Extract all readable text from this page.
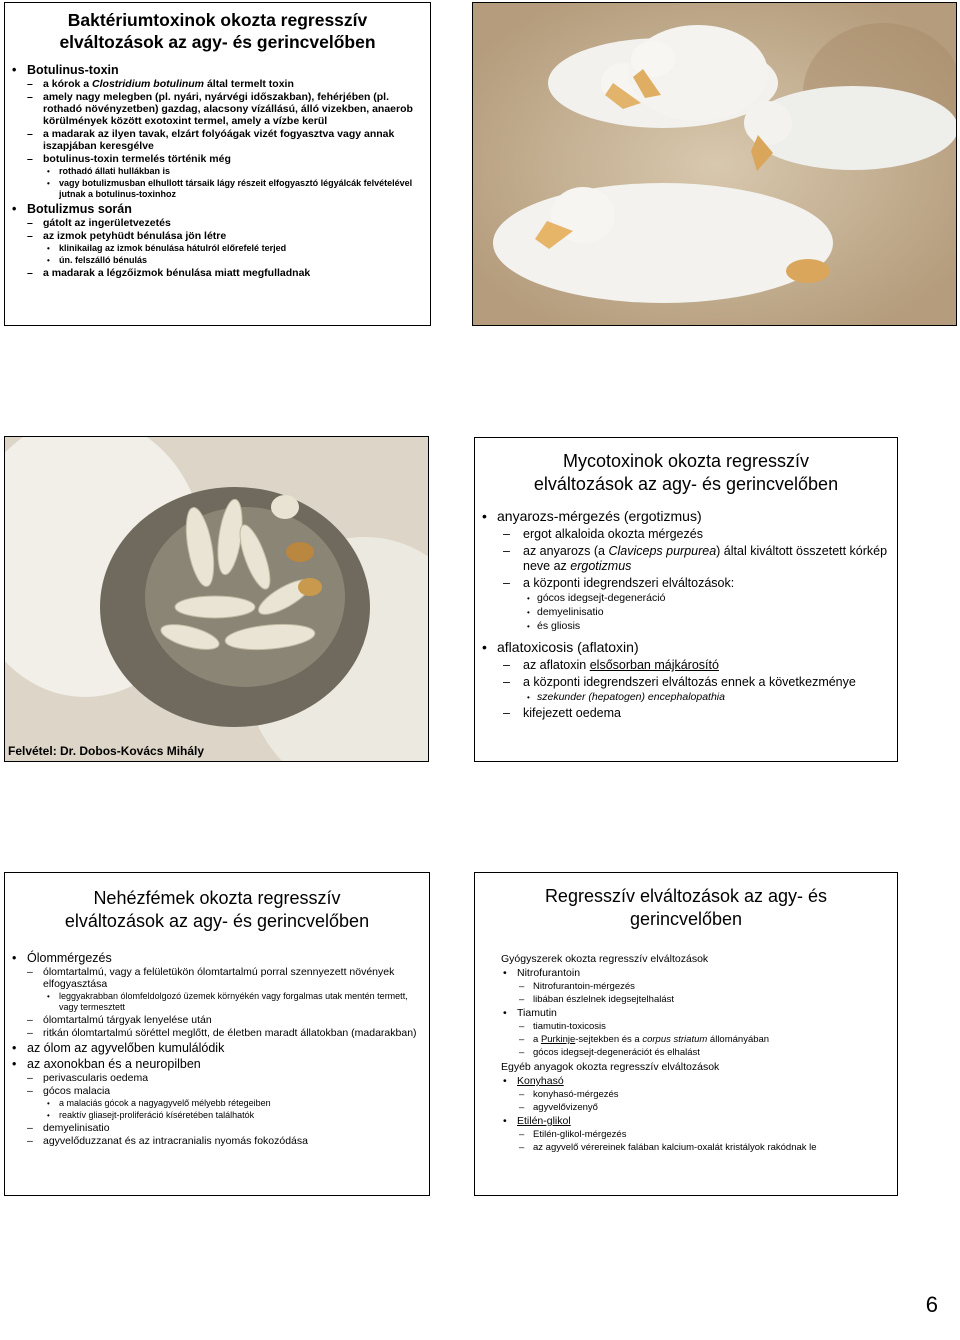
Baktériumtoxinok okozta regresszív

elváltozások az agy- és gerincvelőben

• Botulinus-toxin
– a kórok a Clostridium botulinum által termelt toxin
– amely nagy melegben (pl. nyári, nyárvégi időszakban), fehérjében (pl. rothadó növényzetben) gazdag, alacsony vízállású, álló vizekben, anaerob körülmények között exotoxint termel, amely a vízbe kerül
– a madarak az ilyen tavak, elzárt folyóágak vizét fogyasztva vagy annak iszapjában keresgélve
– botulinus-toxin termelés történik még
• rothadó állati hullákban is
• vagy botulizmusban elhullott társaik lágy részeit elfogyasztó légyálcák felvételével jutnak a botulinus-toxinhoz
• Botulizmus során
– gátolt az ingerületvezetés
– az izmok petyhüdt bénulása jön létre
• klinikailag az izmok bénulása hátulról előrefelé terjed
• ún. felszálló bénulás
– a madarak a légzőizmok bénulása miatt megfulladnak
Felvétel: Dr. Dobos-Kovács Mihály

Mycotoxinok okozta regresszív

elváltozások az agy- és gerincvelőben

• anyarozs-mérgezés (ergotizmus)
– ergot alkaloida okozta mérgezés
– az anyarozs (a Claviceps purpurea) által kiváltott összetett kórkép neve az ergotizmus
– a központi idegrendszeri elváltozások:
• gócos idegsejt-degeneráció
• demyelinisatio
• és gliosis
• aflatoxicosis (aflatoxin)
– az aflatoxin elsősorban májkárosító
– a központi idegrendszeri elváltozás ennek a következménye
• szekunder (hepatogen) encephalopathia
– kifejezett oedema

Nehézfémek okozta regresszív

elváltozások az agy- és gerincvelőben

• Ólommérgezés
– ólomtartalmú, vagy a felületükön ólomtartalmú porral szennyezett növények elfogyasztása
• leggyakrabban ólomfeldolgozó üzemek környékén vagy forgalmas utak mentén termett, vagy termesztett
– ólomtartalmú tárgyak lenyelése után
– ritkán ólomtartalmú söréttel meglőtt, de életben maradt állatokban (madarakban)
• az ólom az agyvelőben kumulálódik
• az axonokban és a neuropilben
– perivascularis oedema
– gócos malacia
• a malaciás gócok a nagyagyvelő mélyebb rétegeiben
• reaktív gliasejt-proliferáció kíséretében találhatók
– demyelinisatio
– agyvelőduzzanat és az intracranialis nyomás fokozódása

Regresszív elváltozások az agy- és

gerincvelőben

Gyógyszerek okozta regresszív elváltozások
• Nitrofurantoin
– Nitrofurantoin-mérgezés
– libában észlelnek idegsejtelhalást
• Tiamutin
– tiamutin-toxicosis
– a Purkinje-sejtekben és a corpus striatum állományában
– gócos idegsejt-degenerációt és elhalást
Egyéb anyagok okozta regresszív elváltozások
• Konyhasó
– konyhasó-mérgezés
– agyvelővizenyő
• Etilén-glikol
– Etilén-glikol-mérgezés
– az agyvelő vérereinek falában kalcium-oxalát kristályok rakódnak le
6
